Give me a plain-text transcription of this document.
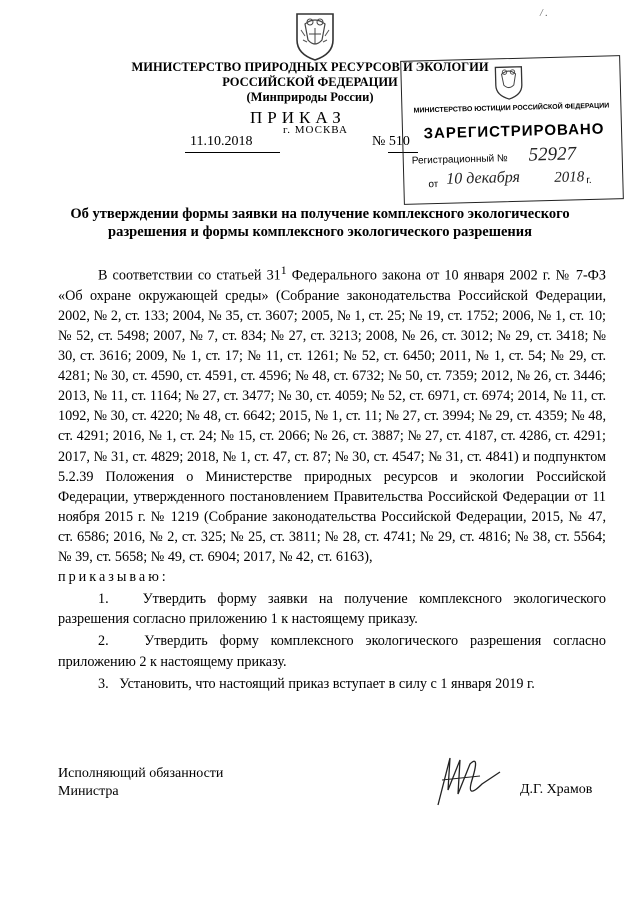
/ .
МИНИСТЕРСТВО ПРИРОДНЫХ РЕСУРСОВ И ЭКОЛОГИИ
РОССИЙСКОЙ ФЕДЕРАЦИИ
(Минприроды России)
ПРИКАЗ
г. МОСКВА
11.10.2018	№ 510
МИНИСТЕРСТВО ЮСТИЦИИ РОССИЙСКОЙ ФЕДЕРАЦИИ
ЗАРЕГИСТРИРОВАНО
Регистрационный № 52927
от 10 декабря 2018 г.
Об утверждении формы заявки на получение комплексного экологического разрешения и формы комплексного экологического разрешения

В соответствии со статьей $31^1$ Федерального закона от 10 января 2002 г. № 7-ФЗ «Об охране окружающей среды» (Собрание законодательства Российской Федерации, 2002, № 2, ст. 133; 2004, № 35, ст. 3607; 2005, № 1, ст. 25; № 19, ст. 1752; 2006, № 1, ст. 10; № 52, ст. 5498; 2007, № 7, ст. 834; № 27, ст. 3213; 2008, № 26, ст. 3012; № 29, ст. 3418; № 30, ст. 3616; 2009, № 1, ст. 17; № 11, ст. 1261; № 52, ст. 6450; 2011, № 1, ст. 54; № 29, ст. 4281; № 30, ст. 4590, ст. 4591, ст. 4596; № 48, ст. 6732; № 50, ст. 7359; 2012, № 26, ст. 3446; 2013, № 11, ст. 1164; № 27, ст. 3477; № 30, ст. 4059; № 52, ст. 6971, ст. 6974; 2014, № 11, ст. 1092, № 30, ст. 4220; № 48, ст. 6642; 2015, № 1, ст. 11; № 27, ст. 3994; № 29, ст. 4359; № 48, ст. 4291; 2016, № 1, ст. 24; № 15, ст. 2066; № 26, ст. 3887; № 27, ст. 4187, ст. 4286, ст. 4291; 2017, № 31, ст. 4829; 2018, № 1, ст. 47, ст. 87; № 30, ст. 4547; № 31, ст. 4841) и подпунктом 5.2.39 Положения о Министерстве природных ресурсов и экологии Российской Федерации, утвержденного постановлением Правительства Российской Федерации от 11 ноября 2015 г. № 1219 (Собрание законодательства Российской Федерации, 2015, № 47, ст. 6586; 2016, № 2, ст. 325; № 25, ст. 3811; № 28, ст. 4741; № 29, ст. 4816; № 38, ст. 5564; № 39, ст. 5658; № 49, ст. 6904; 2017, № 42, ст. 6163),

приказываю:

1.   Утвердить форму заявки на получение комплексного экологического разрешения согласно приложению 1 к настоящему приказу.

2.   Утвердить форму комплексного экологического разрешения согласно приложению 2 к настоящему приказу.

3.   Установить, что настоящий приказ вступает в силу с 1 января 2019 г.

Исполняющий обязанности
Министра	Д.Г. Храмов
